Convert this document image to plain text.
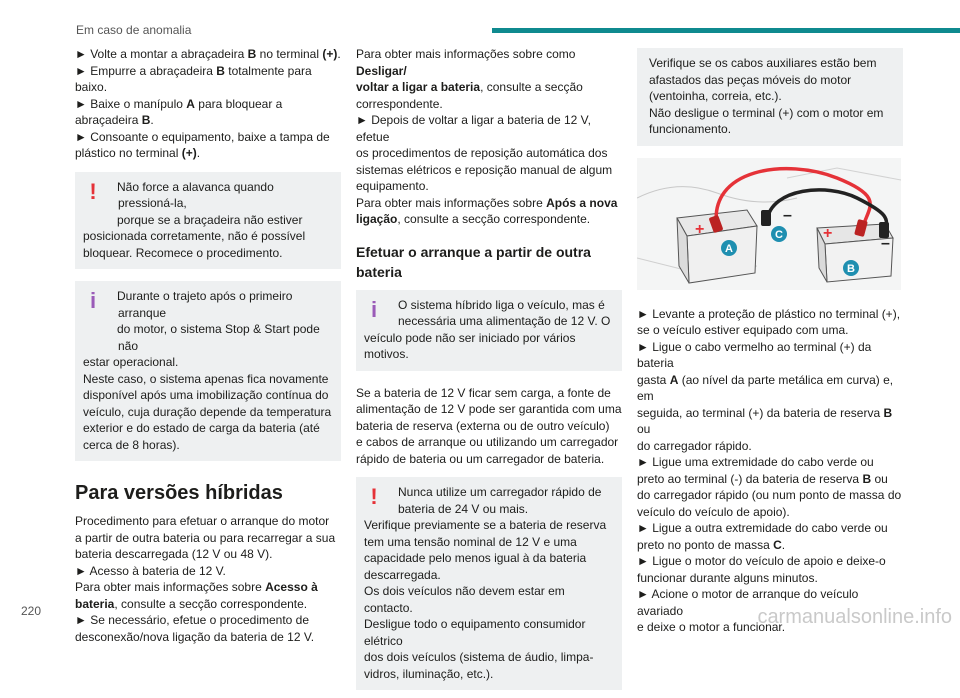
Em caso de anomalia

► Volte a montar a abraçadeira B no terminal (+).

► Empurre a abraçadeira B totalmente para baixo.

► Baixe o manípulo A para bloquear a

abraçadeira B.

► Consoante o equipamento, baixe a tampa de

plástico no terminal (+).

!	Não force a alavanca quando pressioná-la,
porque se a braçadeira não estiver
posicionada corretamente, não é possível
bloquear. Recomece o procedimento.
i	Durante o trajeto após o primeiro arranque
do motor, o sistema Stop & Start pode não
estar operacional.
Neste caso, o sistema apenas fica novamente
disponível após uma imobilização contínua do
veículo, cuja duração depende da temperatura
exterior e do estado de carga da bateria (até
cerca de 8 horas).
Para versões híbridas

Procedimento para efetuar o arranque do motor

a partir de outra bateria ou para recarregar a sua

bateria descarregada (12 V ou 48 V).

► Acesso à bateria de 12 V.

Para obter mais informações sobre Acesso à

bateria, consulte a secção correspondente.

► Se necessário, efetue o procedimento de

desconexão/nova ligação da bateria de 12 V.

Para obter mais informações sobre como Desligar/

voltar a ligar a bateria, consulte a secção

correspondente.

► Depois de voltar a ligar a bateria de 12 V, efetue

os procedimentos de reposição automática dos

sistemas elétricos e reposição manual de algum

equipamento.

Para obter mais informações sobre Após a nova

ligação, consulte a secção correspondente.

Efetuar o arranque a partir de outra
bateria
i	O sistema híbrido liga o veículo, mas é
necessária uma alimentação de 12 V. O
veículo pode não ser iniciado por vários motivos.

Se a bateria de 12 V ficar sem carga, a fonte de

alimentação de 12 V pode ser garantida com uma

bateria de reserva (externa ou de outro veículo)

e cabos de arranque ou utilizando um carregador

rápido de bateria ou um carregador de bateria.

!	Nunca utilize um carregador rápido de
bateria de 24 V ou mais.
Verifique previamente se a bateria de reserva
tem uma tensão nominal de 12 V e uma
capacidade pelo menos igual à da bateria
descarregada.
Os dois veículos não devem estar em contacto.
Desligue todo o equipamento consumidor elétrico
dos dois veículos (sistema de áudio, limpa-
vidros, iluminação, etc.).
Verifique se os cabos auxiliares estão bem
afastados das peças móveis do motor
(ventoinha, correia, etc.).
Não desligue o terminal (+) com o motor em
funcionamento.
+	+
–
–
A
B
C

► Levante a proteção de plástico no terminal (+),

se o veículo estiver equipado com uma.

► Ligue o cabo vermelho ao terminal (+) da bateria

gasta A (ao nível da parte metálica em curva) e, em

seguida, ao terminal (+) da bateria de reserva B ou

do carregador rápido.

► Ligue uma extremidade do cabo verde ou

preto ao terminal (-) da bateria de reserva B ou

do carregador rápido (ou num ponto de massa do

veículo do veículo de apoio).

► Ligue a outra extremidade do cabo verde ou

preto no ponto de massa C.

► Ligue o motor do veículo de apoio e deixe-o

funcionar durante alguns minutos.

► Acione o motor de arranque do veículo avariado

e deixe o motor a funcionar.

220	carmanualsonline.info
